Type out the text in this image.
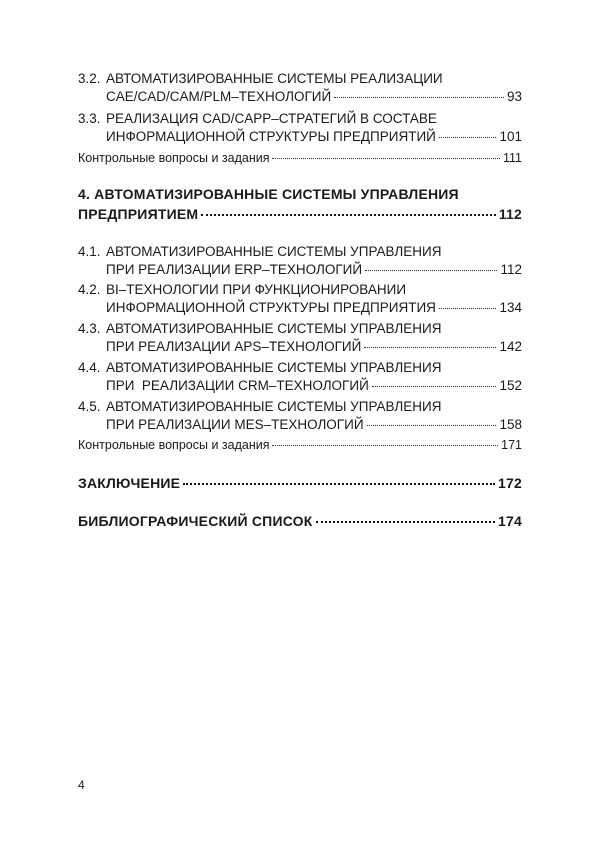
3.2. АВТОМАТИЗИРОВАННЫЕ СИСТЕМЫ РЕАЛИЗАЦИИ
CAE/CAD/CAM/PLM–ТЕХНОЛОГИЙ	93
3.3. РЕАЛИЗАЦИЯ CAD/CAPP–СТРАТЕГИЙ В СОСТАВЕ
ИНФОРМАЦИОННОЙ СТРУКТУРЫ ПРЕДПРИЯТИЙ	101
Контрольные вопросы и задания	111
4. АВТОМАТИЗИРОВАННЫЕ СИСТЕМЫ УПРАВЛЕНИЯ
ПРЕДПРИЯТИЕМ	112
4.1. АВТОМАТИЗИРОВАННЫЕ СИСТЕМЫ УПРАВЛЕНИЯ
ПРИ РЕАЛИЗАЦИИ ERP–ТЕХНОЛОГИЙ	112
4.2. BI–ТЕХНОЛОГИИ ПРИ ФУНКЦИОНИРОВАНИИ
ИНФОРМАЦИОННОЙ СТРУКТУРЫ ПРЕДПРИЯТИЯ	134
4.3. АВТОМАТИЗИРОВАННЫЕ СИСТЕМЫ УПРАВЛЕНИЯ
ПРИ РЕАЛИЗАЦИИ APS–ТЕХНОЛОГИЙ	142
4.4. АВТОМАТИЗИРОВАННЫЕ СИСТЕМЫ УПРАВЛЕНИЯ
ПРИ  РЕАЛИЗАЦИИ CRM–ТЕХНОЛОГИЙ	152
4.5. АВТОМАТИЗИРОВАННЫЕ СИСТЕМЫ УПРАВЛЕНИЯ
ПРИ РЕАЛИЗАЦИИ MES–ТЕХНОЛОГИЙ	158
Контрольные вопросы и задания	171
ЗАКЛЮЧЕНИЕ	172
БИБЛИОГРАФИЧЕСКИЙ СПИСОК	174
4
